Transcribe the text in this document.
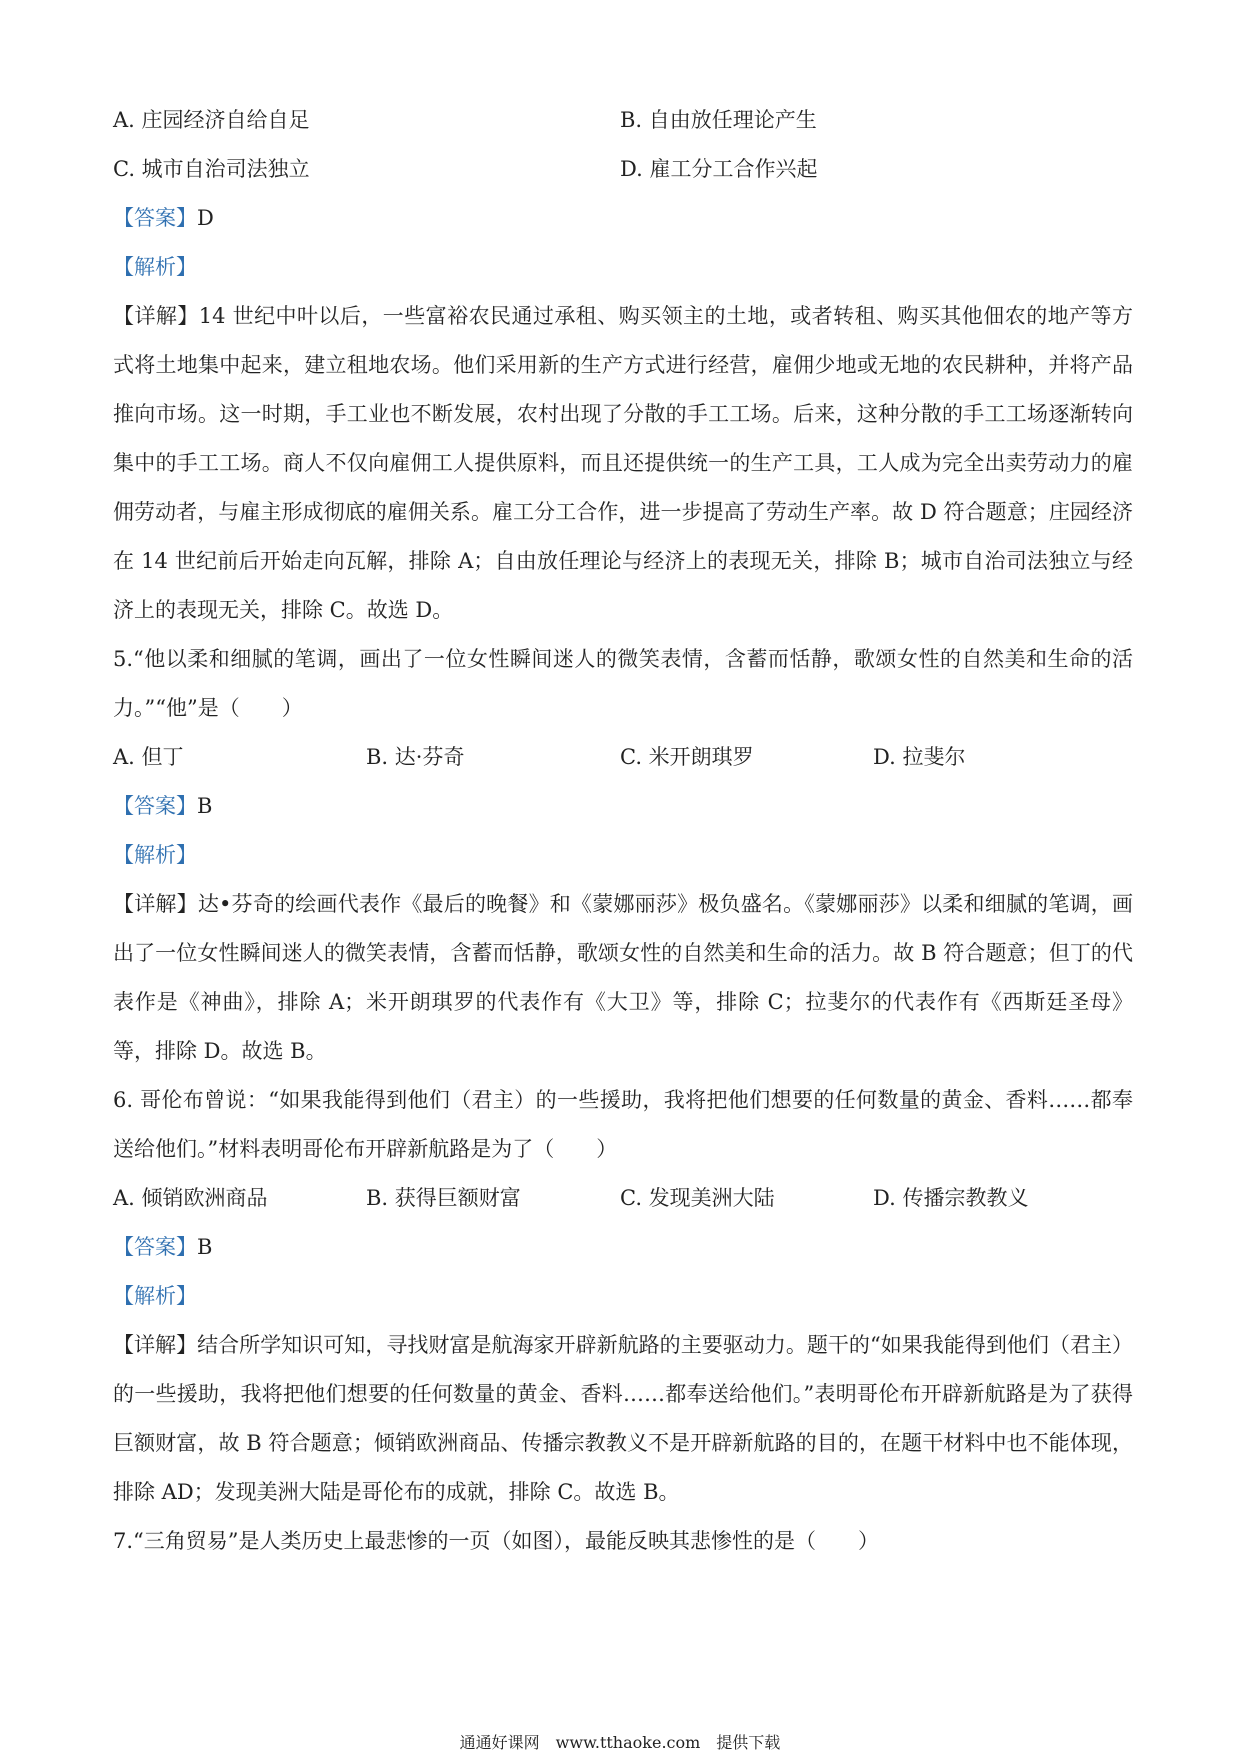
A. 庄园经济自给自足	B. 自由放任理论产生
C. 城市自治司法独立	D. 雇工分工合作兴起
【答案】D
【解析】
【详解】14 世纪中叶以后，一些富裕农民通过承租、购买领主的土地，或者转租、购买其他佃农的地产等方式将土地集中起来，建立租地农场。他们采用新的生产方式进行经营，雇佣少地或无地的农民耕种，并将产品推向市场。这一时期，手工业也不断发展，农村出现了分散的手工工场。后来，这种分散的手工工场逐渐转向集中的手工工场。商人不仅向雇佣工人提供原料，而且还提供统一的生产工具，工人成为完全出卖劳动力的雇佣劳动者，与雇主形成彻底的雇佣关系。雇工分工合作，进一步提高了劳动生产率。故 D 符合题意；庄园经济在 14 世纪前后开始走向瓦解，排除 A；自由放任理论与经济上的表现无关，排除 B；城市自治司法独立与经济上的表现无关，排除 C。故选 D。
5.“他以柔和细腻的笔调，画出了一位女性瞬间迷人的微笑表情，含蓄而恬静，歌颂女性的自然美和生命的活力。”“他”是（　　）
A. 但丁	B. 达·芬奇	C. 米开朗琪罗	D. 拉斐尔
【答案】B
【解析】
【详解】达•芬奇的绘画代表作《最后的晚餐》和《蒙娜丽莎》极负盛名。《蒙娜丽莎》以柔和细腻的笔调，画出了一位女性瞬间迷人的微笑表情，含蓄而恬静，歌颂女性的自然美和生命的活力。故 B 符合题意；但丁的代表作是《神曲》，排除 A；米开朗琪罗的代表作有《大卫》等，排除 C；拉斐尔的代表作有《西斯廷圣母》等，排除 D。故选 B。
6. 哥伦布曾说：“如果我能得到他们（君主）的一些援助，我将把他们想要的任何数量的黄金、香料……都奉送给他们。”材料表明哥伦布开辟新航路是为了（　　）
A. 倾销欧洲商品	B. 获得巨额财富	C. 发现美洲大陆	D. 传播宗教教义
【答案】B
【解析】
【详解】结合所学知识可知，寻找财富是航海家开辟新航路的主要驱动力。题干的“如果我能得到他们（君主）的一些援助，我将把他们想要的任何数量的黄金、香料……都奉送给他们。”表明哥伦布开辟新航路是为了获得巨额财富，故 B 符合题意；倾销欧洲商品、传播宗教教义不是开辟新航路的目的，在题干材料中也不能体现，排除 AD；发现美洲大陆是哥伦布的成就，排除 C。故选 B。
7.“三角贸易”是人类历史上最悲惨的一页（如图），最能反映其悲惨性的是（　　）
通通好课网　www.tthaoke.com　提供下载
